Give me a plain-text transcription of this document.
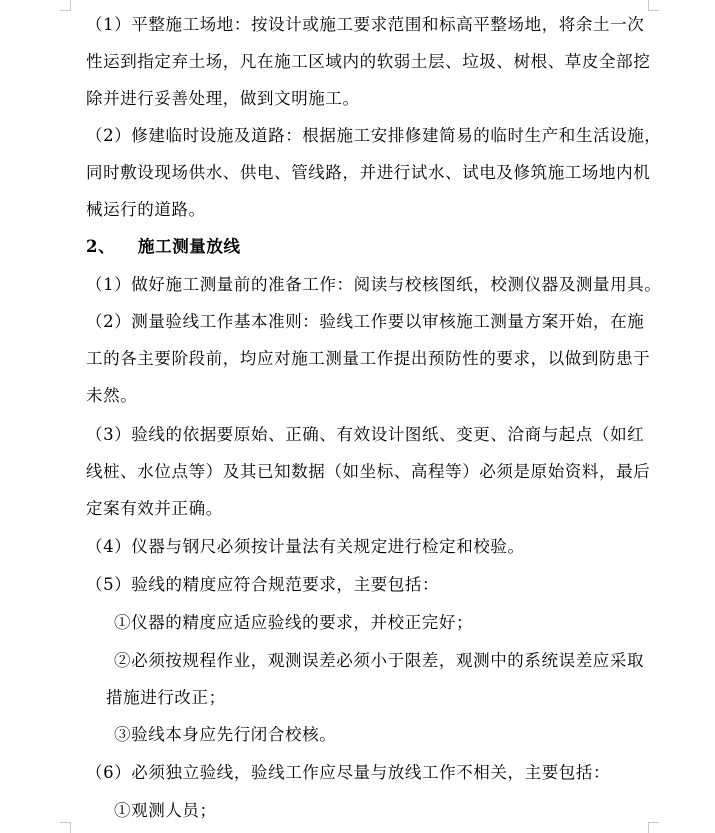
（1）平整施工场地：按设计或施工要求范围和标高平整场地，将余土一次
性运到指定弃土场，凡在施工区域内的软弱土层、垃圾、树根、草皮全部挖
除并进行妥善处理，做到文明施工。
（2）修建临时设施及道路：根据施工安排修建简易的临时生产和生活设施，
同时敷设现场供水、供电、管线路，并进行试水、试电及修筑施工场地内机
械运行的道路。
2、 施工测量放线
（1）做好施工测量前的准备工作：阅读与校核图纸，校测仪器及测量用具。
（2）测量验线工作基本准则：验线工作要以审核施工测量方案开始，在施
工的各主要阶段前，均应对施工测量工作提出预防性的要求，以做到防患于
未然。
（3）验线的依据要原始、正确、有效设计图纸、变更、洽商与起点（如红
线桩、水位点等）及其已知数据（如坐标、高程等）必须是原始资料，最后
定案有效并正确。
（4）仪器与钢尺必须按计量法有关规定进行检定和校验。
（5）验线的精度应符合规范要求，主要包括：
①仪器的精度应适应验线的要求，并校正完好；
②必须按规程作业，观测误差必须小于限差，观测中的系统误差应采取
措施进行改正；
③验线本身应先行闭合校核。
（6）必须独立验线，验线工作应尽量与放线工作不相关，主要包括：
①观测人员；
